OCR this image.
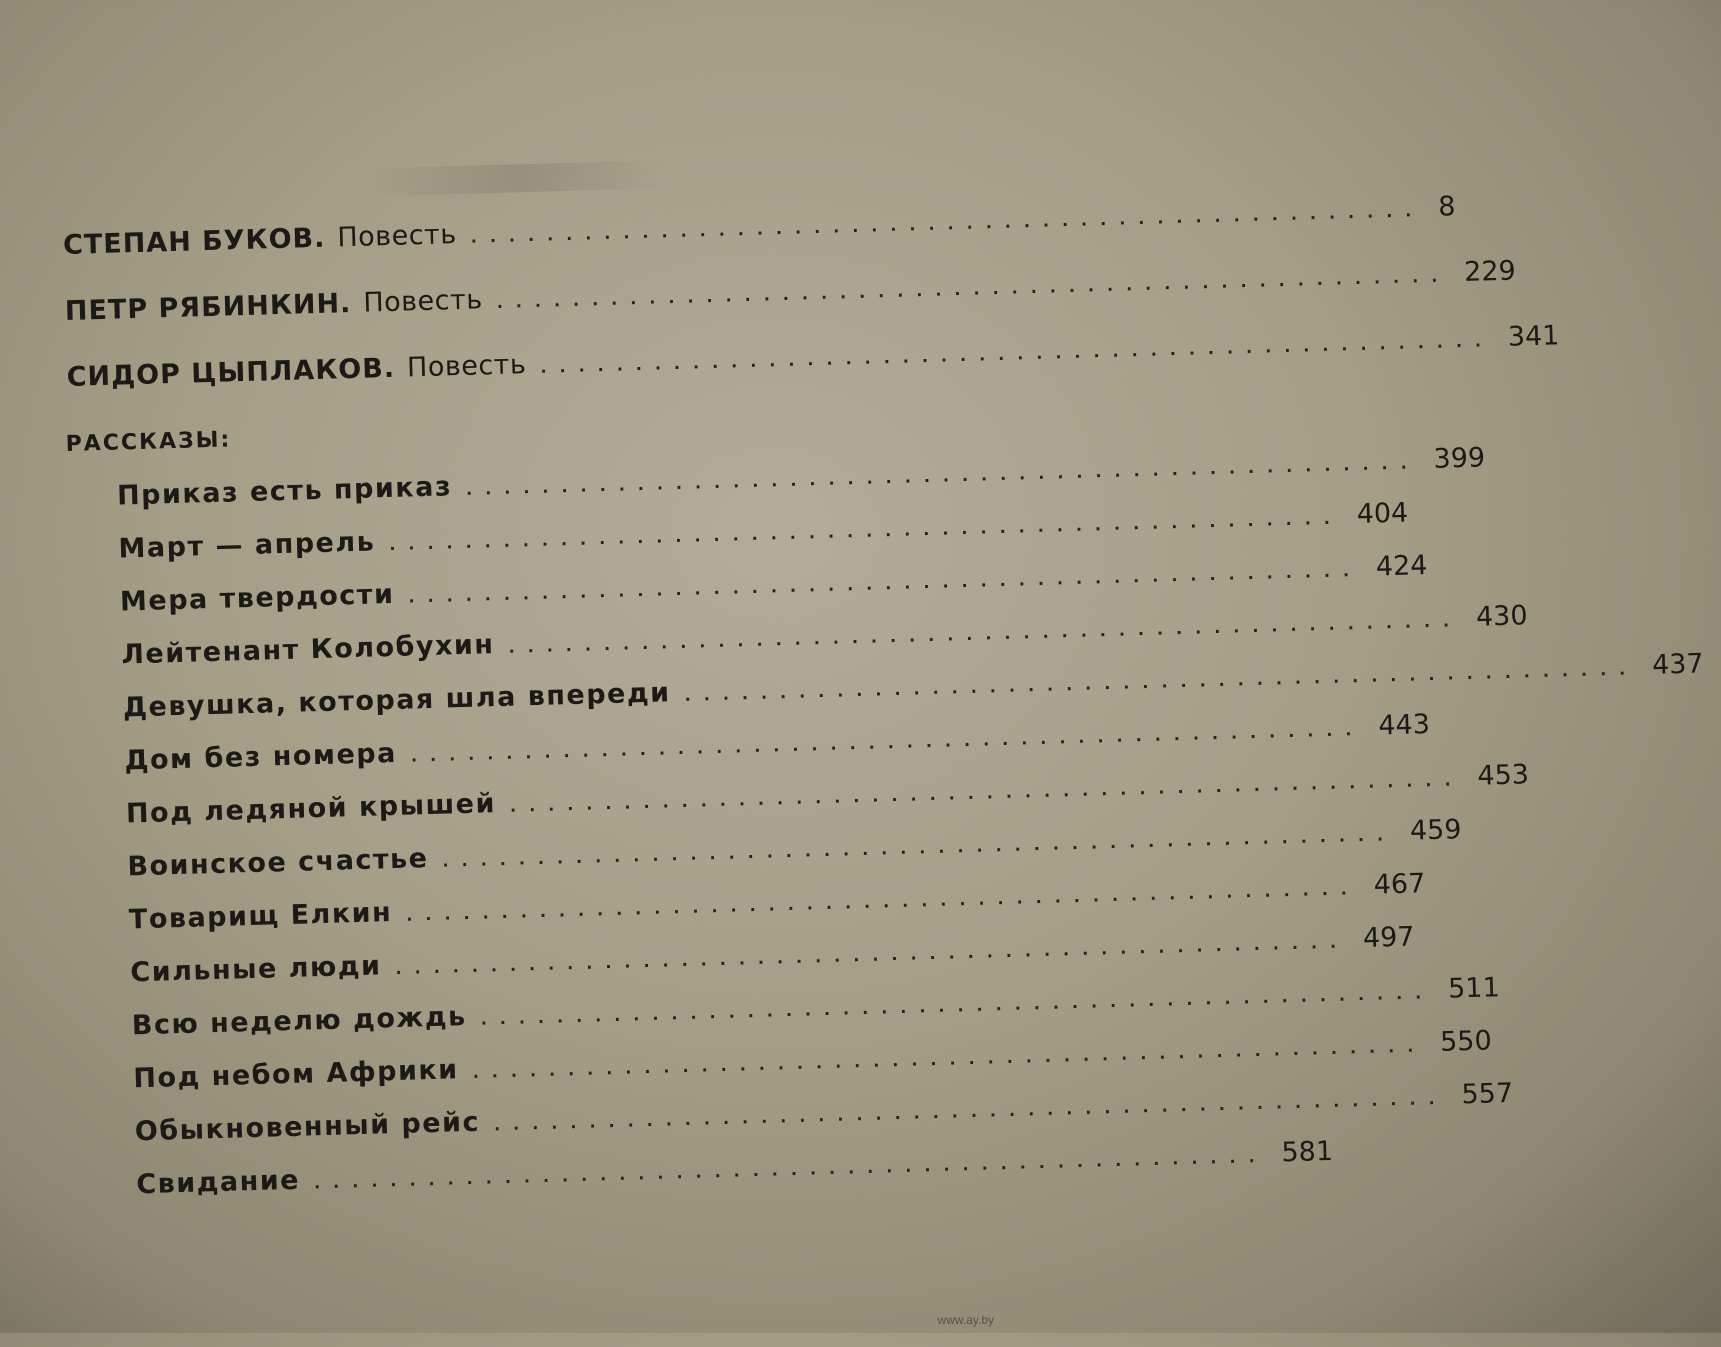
СТЕПАН БУКОВ. Повесть .................................................. 8
ПЕТР РЯБИНКИН. Повесть .................................................. 229
СИДОР ЦЫПЛАКОВ. Повесть .................................................. 341
РАССКАЗЫ:
Приказ есть приказ .................................................. 399
Март — апрель .................................................. 404
Мера твердости .................................................. 424
Лейтенант Колобухин .................................................. 430
Девушка, которая шла впереди .................................................. 437
Дом без номера .................................................. 443
Под ледяной крышей .................................................. 453
Воинское счастье .................................................. 459
Товарищ Елкин .................................................. 467
Сильные люди .................................................. 497
Всю неделю дождь .................................................. 511
Под небом Африки .................................................. 550
Обыкновенный рейс .................................................. 557
Свидание .................................................. 581
www.ay.by
